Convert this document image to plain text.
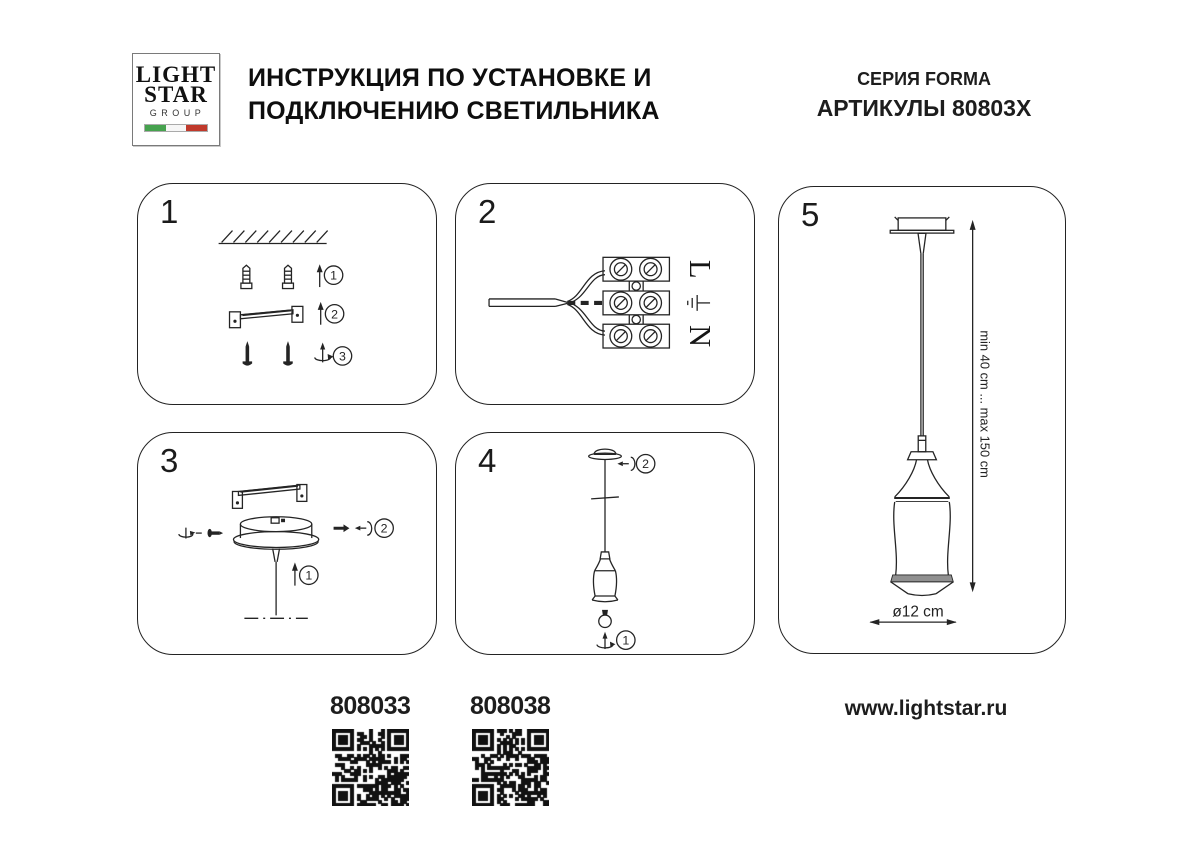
LIGHT
STAR
GROUP
ИНСТРУКЦИЯ ПО УСТАНОВКЕ И
ПОДКЛЮЧЕНИЮ СВЕТИЛЬНИКА
СЕРИЯ FORMA
АРТИКУЛЫ 80803X
1
1
2
3
2
L
N
3
2
1
4	2
1
5
min 40 cm ... max 150 cm
ø12 cm
808033 808038	www.lightstar.ru
